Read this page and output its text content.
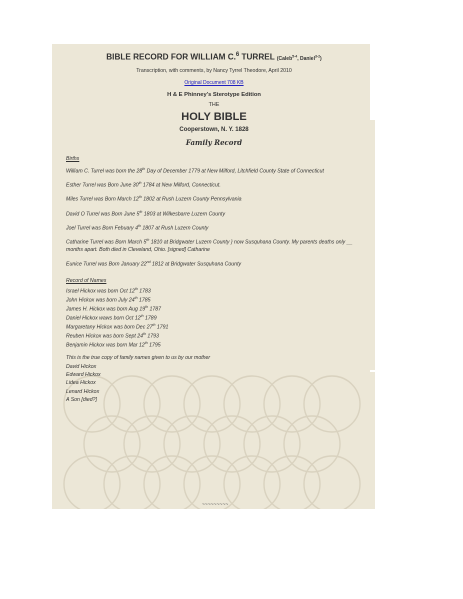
BIBLE RECORD FOR WILLIAM C.$^6$ TURREL (Caleb$^{5-4}$, Daniel$^{3-2}$)
Transcription, with comments, by Nancy Tyrrel Theodore, April 2010
Original Document 708 KB
H & E Phinney's Sterotype Edition
THE
HOLY BIBLE
Cooperstown, N. Y. 1828
Family Record
Births
William C. Turrel was born the 28th Day of December 1779 at New Milford, Litchfield County State of Connecticut
Esther Turrel was Born June 30th 1784 at New Milford, Connecticut.
Miles Turrel was Born March 12th 1802 at Rush Luzern County Pennsylvania
David O Turrel was Born June 5th 1803 at Wilkesbarre Luzern County
Joel Turrel was Born Febuary 4th 1807 at Rush Luzern County
Catharine Turrel was Born March 5th 1810 at Bridgwater Luzern County } now Susquhana County. My parents deaths only __ months apart. Both died in Cleveland, Ohio. [signed] Catharine
Eunice Turrel was Born January 22nd 1812 at Bridgwater Susquhana County
Record of Names
Israel Hickox was born Oct 12th 1783
John Hickox was born July 24th 1785
James H. Hickox was born Aug 19th 1787
Daniel Hickox waws born Oct 12th 1789
Margaretany Hickox was born Dec 27th 1791
Reuben Hickox was born Sept 24th 1793
Benjamin Hickox was born Mar 12th 1795
This is the true copy of family names given to us by our mother
David Hickox
Edward Hickox
Lidea Hickox
Lenard Hickox
A Son [died?]
~~~~~~~~~
